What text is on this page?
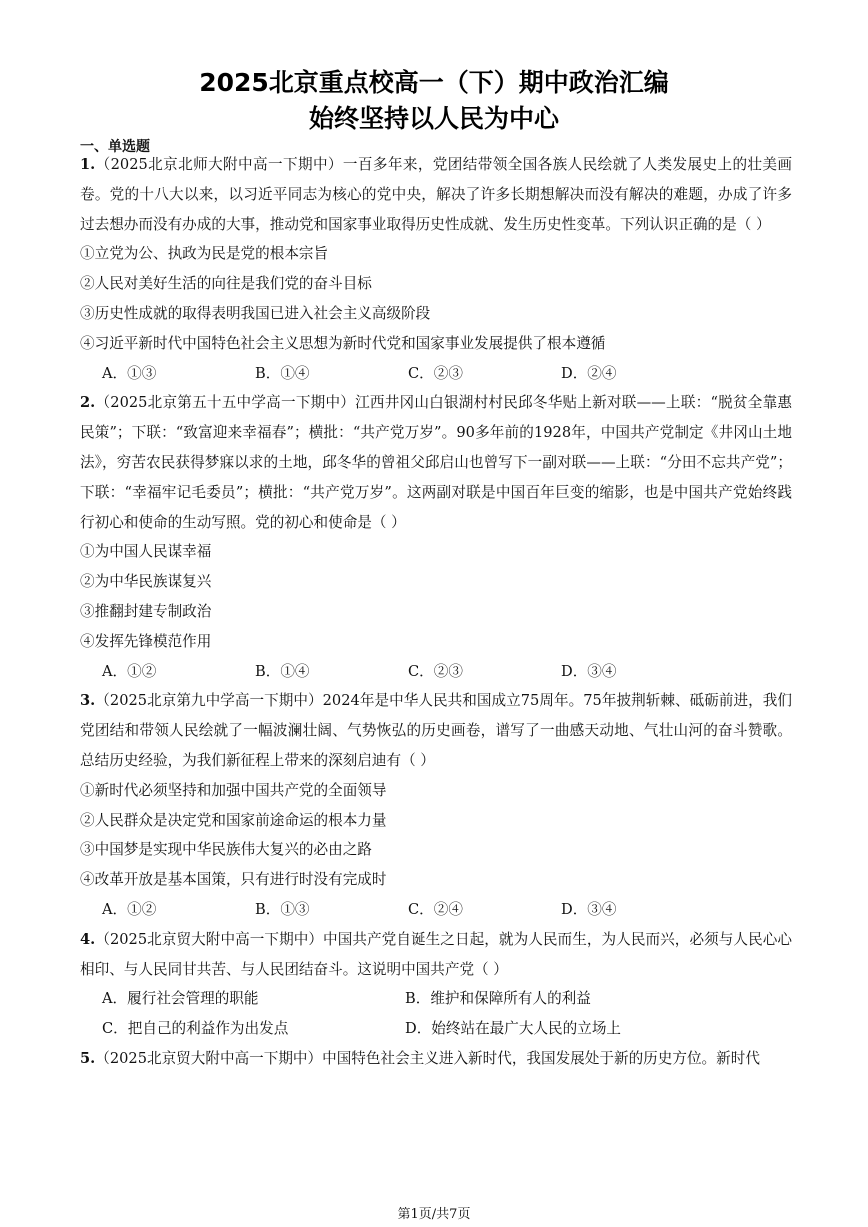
2025北京重点校高一（下）期中政治汇编
始终坚持以人民为中心
一、单选题

1.（2025北京北师大附中高一下期中）一百多年来，党团结带领全国各族人民绘就了人类发展史上的壮美画卷。党的十八大以来，以习近平同志为核心的党中央，解决了许多长期想解决而没有解决的难题，办成了许多过去想办而没有办成的大事，推动党和国家事业取得历史性成就、发生历史性变革。下列认识正确的是（ ）

①立党为公、执政为民是党的根本宗旨

②人民对美好生活的向往是我们党的奋斗目标

③历史性成就的取得表明我国已进入社会主义高级阶段

④习近平新时代中国特色社会主义思想为新时代党和国家事业发展提供了根本遵循

A．①③	B．①④	C．②③	D．②④

2.（2025北京第五十五中学高一下期中）江西井冈山白银湖村村民邱冬华贴上新对联——上联：“脱贫全靠惠民策”；下联：“致富迎来幸福春”；横批：“共产党万岁”。90多年前的1928年，中国共产党制定《井冈山土地法》，穷苦农民获得梦寐以求的土地，邱冬华的曾祖父邱启山也曾写下一副对联——上联：“分田不忘共产党”；下联：“幸福牢记毛委员”；横批：“共产党万岁”。这两副对联是中国百年巨变的缩影，也是中国共产党始终践行初心和使命的生动写照。党的初心和使命是（ ）

①为中国人民谋幸福

②为中华民族谋复兴

③推翻封建专制政治

④发挥先锋模范作用

A．①②	B．①④	C．②③	D．③④

3.（2025北京第九中学高一下期中）2024年是中华人民共和国成立75周年。75年披荆斩棘、砥砺前进，我们党团结和带领人民绘就了一幅波澜壮阔、气势恢弘的历史画卷，谱写了一曲感天动地、气壮山河的奋斗赞歌。总结历史经验，为我们新征程上带来的深刻启迪有（ ）

①新时代必须坚持和加强中国共产党的全面领导

②人民群众是决定党和国家前途命运的根本力量

③中国梦是实现中华民族伟大复兴的必由之路

④改革开放是基本国策，只有进行时没有完成时

A．①②	B．①③	C．②④	D．③④

4.（2025北京贸大附中高一下期中）中国共产党自诞生之日起，就为人民而生，为人民而兴，必须与人民心心相印、与人民同甘共苦、与人民团结奋斗。这说明中国共产党（ ）

A．履行社会管理的职能	B．维护和保障所有人的利益
C．把自己的利益作为出发点	D．始终站在最广大人民的立场上

5.（2025北京贸大附中高一下期中）中国特色社会主义进入新时代，我国发展处于新的历史方位。新时代

第1页/共7页
